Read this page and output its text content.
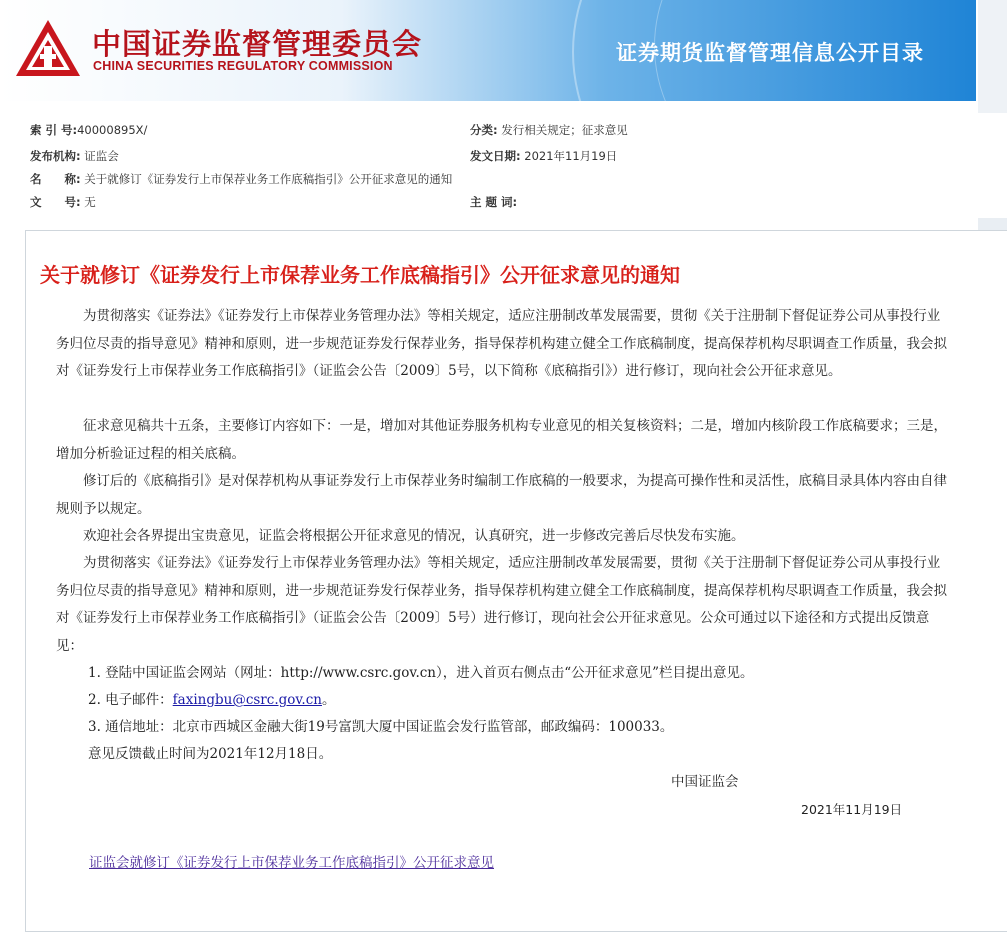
中国证券监督管理委员会
CHINA SECURITIES REGULATORY COMMISSION
证券期货监督管理信息公开目录
索 引 号:40000895X/	分类: 发行相关规定；征求意见
发布机构: 证监会	发文日期: 2021年11月19日
名　　称: 关于就修订《证券发行上市保荐业务工作底稿指引》公开征求意见的通知
文　　号: 无	主 题 词:
关于就修订《证券发行上市保荐业务工作底稿指引》公开征求意见的通知

为贯彻落实《证券法》《证券发行上市保荐业务管理办法》等相关规定，适应注册制改革发展需要，贯彻《关于注册制下督促证券公司从事投行业务归位尽责的指导意见》精神和原则，进一步规范证券发行保荐业务，指导保荐机构建立健全工作底稿制度，提高保荐机构尽职调查工作质量，我会拟对《证券发行上市保荐业务工作底稿指引》（证监会公告〔2009〕5号，以下简称《底稿指引》）进行修订，现向社会公开征求意见。

征求意见稿共十五条，主要修订内容如下：一是，增加对其他证券服务机构专业意见的相关复核资料；二是，增加内核阶段工作底稿要求；三是，增加分析验证过程的相关底稿。

修订后的《底稿指引》是对保荐机构从事证券发行上市保荐业务时编制工作底稿的一般要求，为提高可操作性和灵活性，底稿目录具体内容由自律规则予以规定。

欢迎社会各界提出宝贵意见，证监会将根据公开征求意见的情况，认真研究，进一步修改完善后尽快发布实施。

为贯彻落实《证券法》《证券发行上市保荐业务管理办法》等相关规定，适应注册制改革发展需要，贯彻《关于注册制下督促证券公司从事投行业务归位尽责的指导意见》精神和原则，进一步规范证券发行保荐业务，指导保荐机构建立健全工作底稿制度，提高保荐机构尽职调查工作质量，我会拟对《证券发行上市保荐业务工作底稿指引》（证监会公告〔2009〕5号）进行修订，现向社会公开征求意见。公众可通过以下途径和方式提出反馈意见：

1. 登陆中国证监会网站（网址：http://www.csrc.gov.cn），进入首页右侧点击“公开征求意见”栏目提出意见。
2. 电子邮件：faxingbu@csrc.gov.cn。
3. 通信地址：北京市西城区金融大街19号富凯大厦中国证监会发行监管部，邮政编码：100033。
意见反馈截止时间为2021年12月18日。
中国证监会
2021年11月19日
证监会就修订《证券发行上市保荐业务工作底稿指引》公开征求意见
